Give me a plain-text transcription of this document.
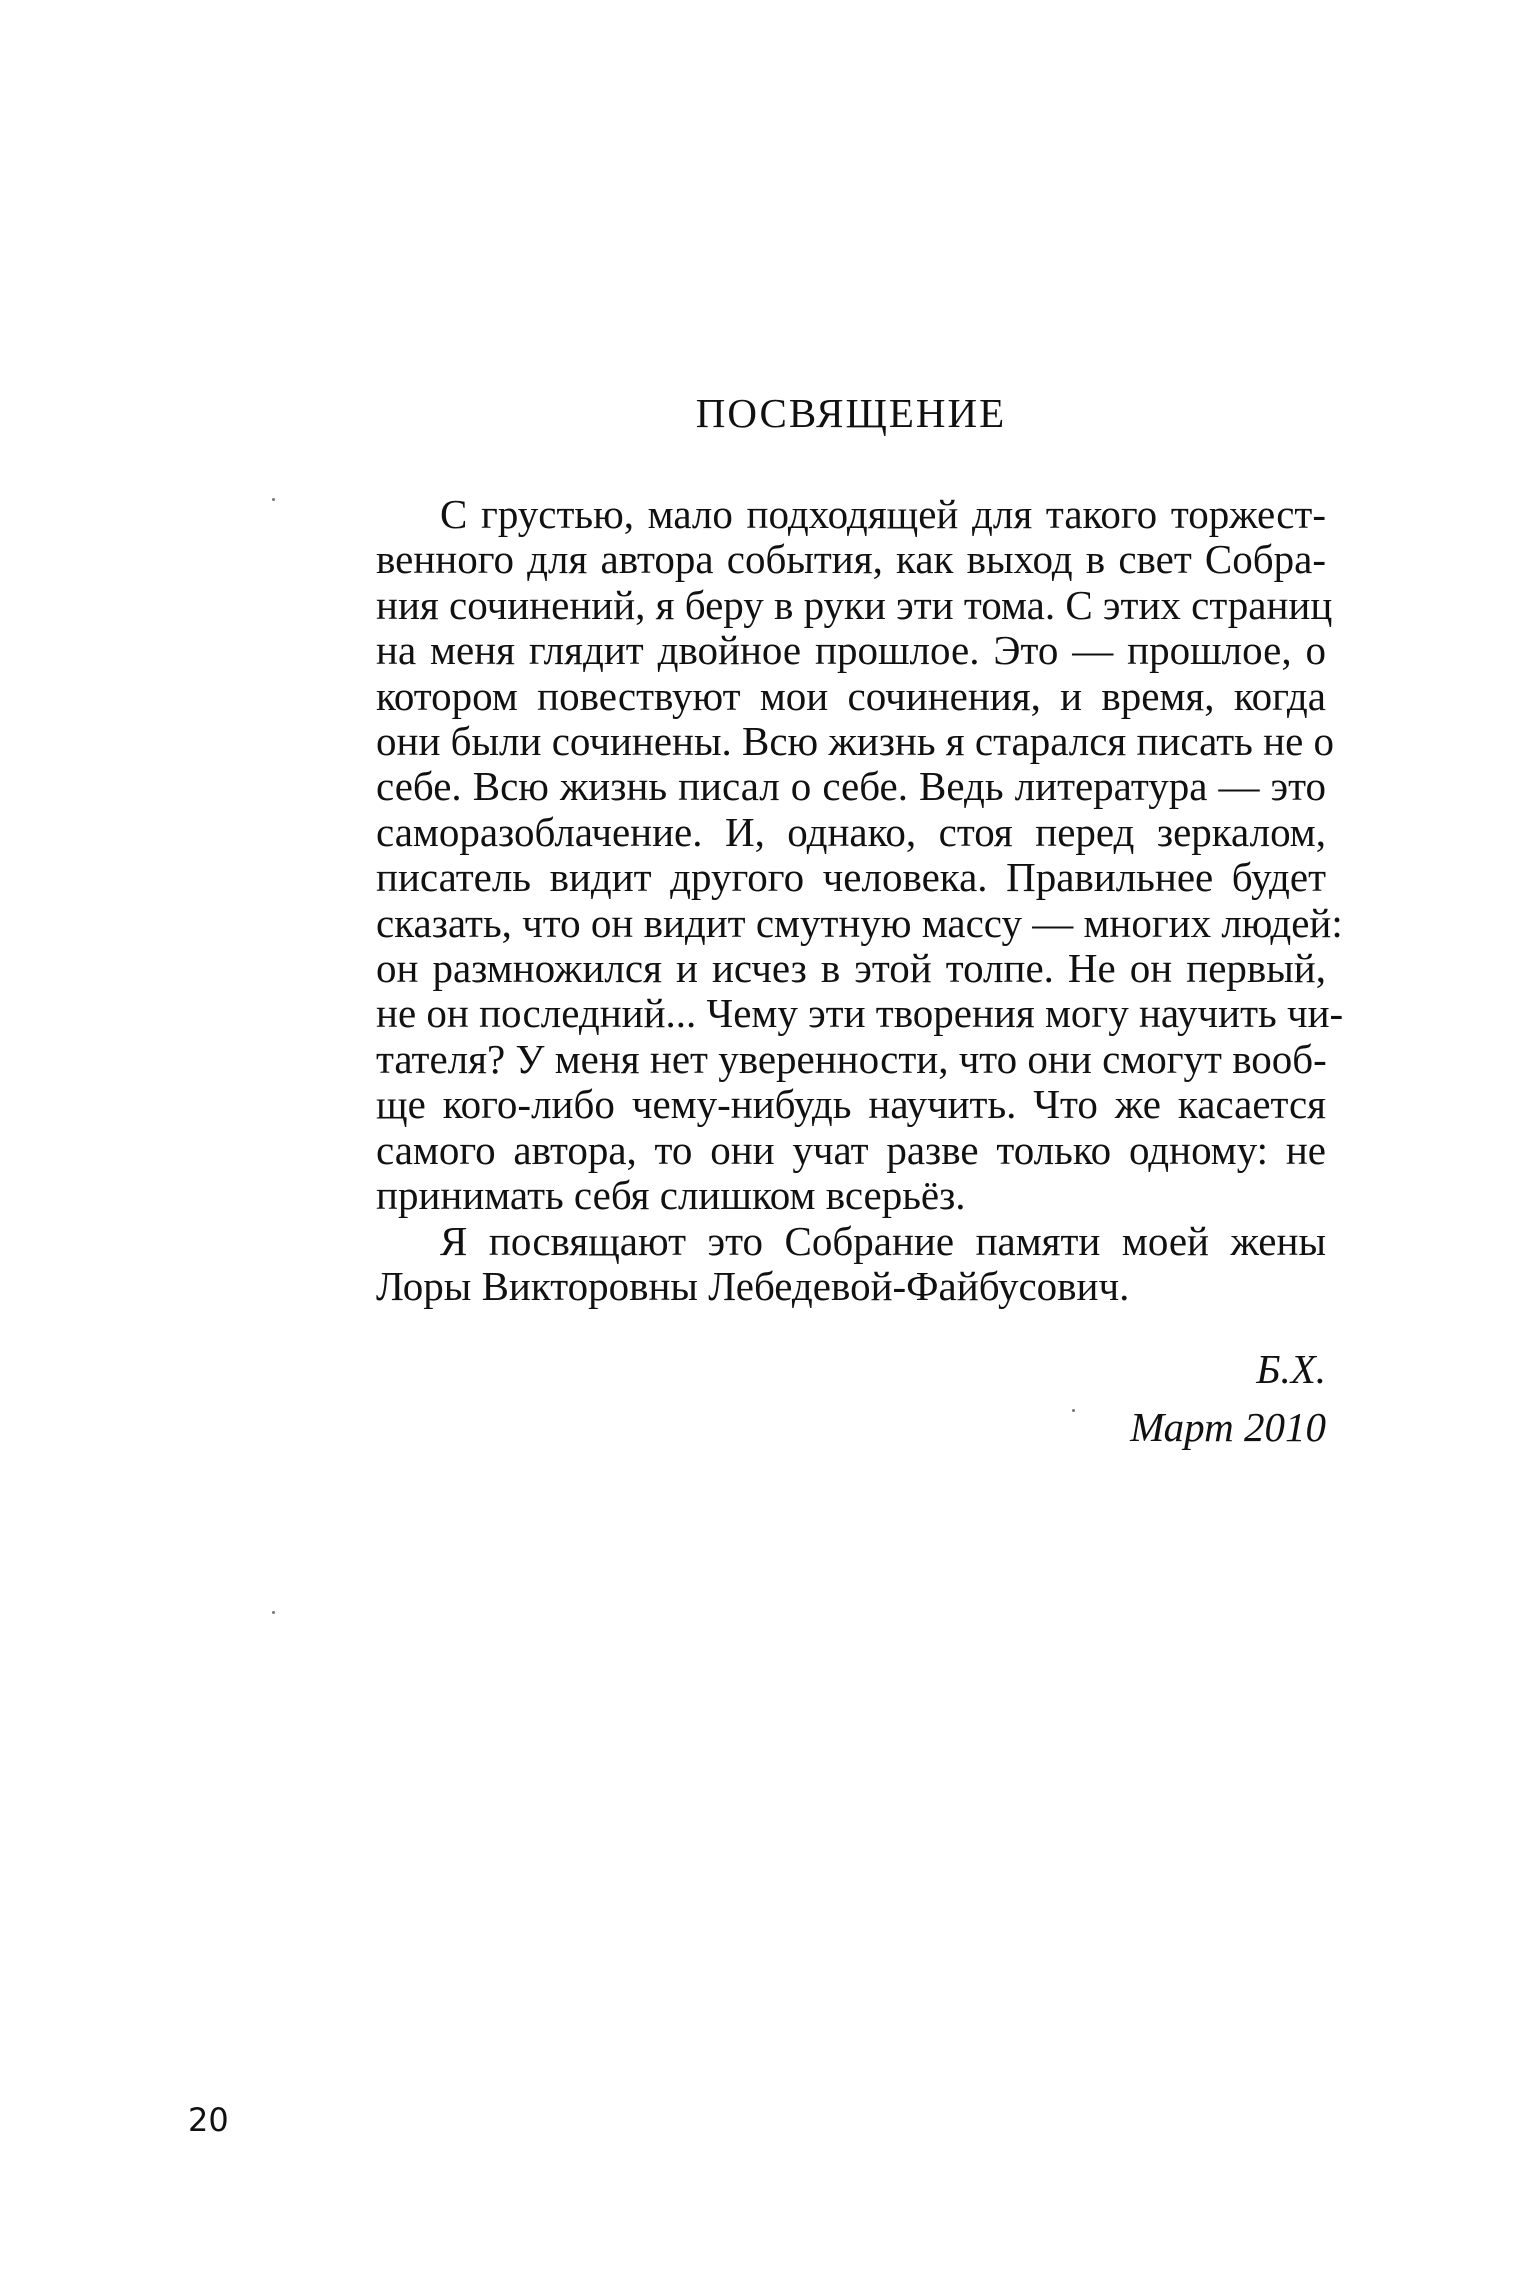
ПОСВЯЩЕНИЕ
С грустью, мало подходящей для такого торжест-
венного для автора события, как выход в свет Собра-
ния сочинений, я беру в руки эти тома. С этих страниц
на меня глядит двойное прошлое. Это — прошлое, о
котором повествуют мои сочинения, и время, когда
они были сочинены. Всю жизнь я старался писать не о
себе. Всю жизнь писал о себе. Ведь литература — это
саморазоблачение. И, однако, стоя перед зеркалом,
писатель видит другого человека. Правильнее будет
сказать, что он видит смутную массу — многих людей:
он размножился и исчез в этой толпе. Не он первый,
не он последний... Чему эти творения могу научить чи-
тателя? У меня нет уверенности, что они смогут вооб-
ще кого-либо чему-нибудь научить. Что же касается
самого автора, то они учат разве только одному: не
принимать себя слишком всерьёз.
Я посвящают это Собрание памяти моей жены
Лоры Викторовны Лебедевой-Файбусович.
Б.Х.
Март 2010
20
